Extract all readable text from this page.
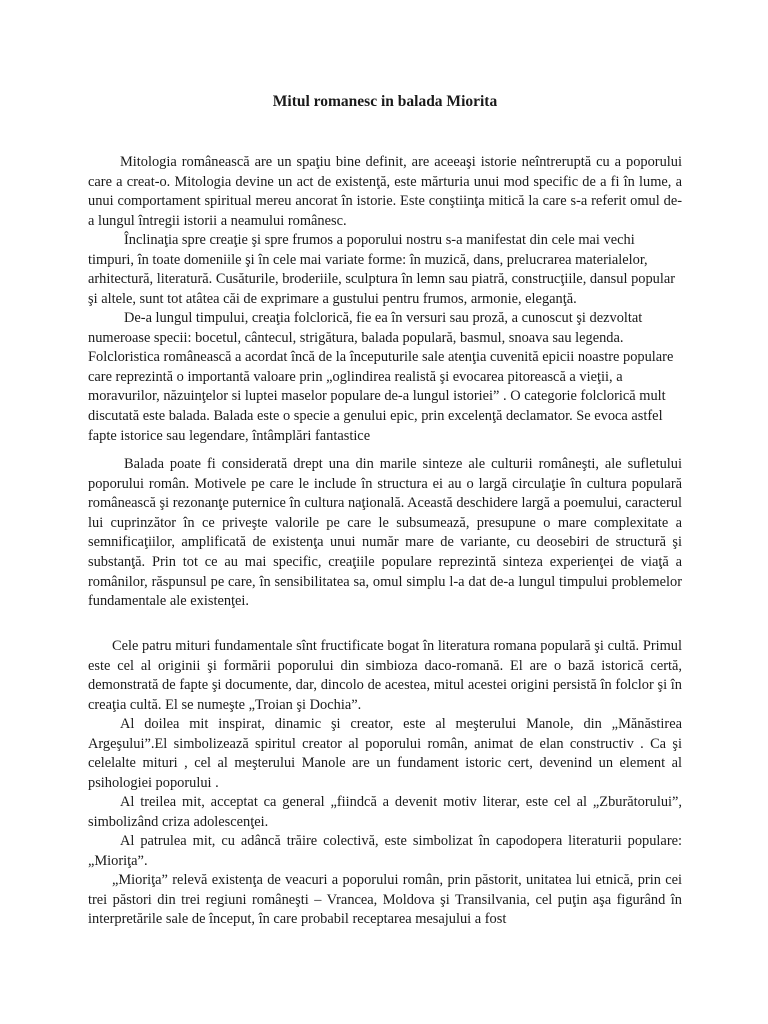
Mitul romanesc in balada Miorita

Mitologia românească are un spaţiu bine definit, are aceeaşi istorie neîntreruptă cu a poporului care a creat-o. Mitologia devine un act de existenţă, este mărturia unui mod specific de a fi în lume, a unui comportament spiritual mereu ancorat în istorie. Este conştiinţa mitică la care s-a referit omul de-a lungul întregii istorii a neamului românesc.

Înclinaţia spre creaţie şi spre frumos a poporului nostru s-a manifestat din cele mai vechi timpuri, în toate domeniile şi în cele mai variate forme: în muzică, dans, prelucrarea materialelor, arhitectură, literatură. Cusăturile, broderiile, sculptura în lemn sau piatră, construcţiile, dansul popular şi altele, sunt tot atâtea căi de exprimare a gustului pentru frumos, armonie, eleganţă.

De-a lungul timpului, creaţia folclorică, fie ea în versuri sau proză, a cunoscut şi dezvoltat numeroase specii: bocetul, cântecul, strigătura, balada populară, basmul, snoava sau legenda. Folcloristica românească a acordat încă de la începuturile sale atenţia cuvenită epicii noastre populare care reprezintă o importantă valoare prin „oglindirea realistă şi evocarea pitorească a vieţii, a moravurilor, năzuinţelor si luptei maselor populare de-a lungul istoriei” . O categorie folclorică mult discutată este balada. Balada este o specie a genului epic, prin excelenţă declamator. Se evoca astfel fapte istorice sau legendare, întâmplări fantastice

Balada poate fi considerată drept una din marile sinteze ale culturii româneşti, ale sufletului poporului român. Motivele pe care le include în structura ei au o largă circulaţie în cultura populară românească şi rezonanţe puternice în cultura naţională. Această deschidere largă a poemului, caracterul lui cuprinzător în ce priveşte valorile pe care le subsumează, presupune o mare complexitate a semnificaţiilor, amplificată de existenţa unui număr mare de variante, cu deosebiri de structură şi substanţă. Prin tot ce au mai specific, creaţiile populare reprezintă sinteza experienţei de viaţă a românilor, răspunsul pe care, în sensibilitatea sa, omul simplu l-a dat de-a lungul timpului problemelor fundamentale ale existenţei.

Cele patru mituri fundamentale sînt fructificate bogat în literatura romana populară şi cultă. Primul este cel al originii şi formării poporului din simbioza daco-romană. El are o bază istorică certă, demonstrată de fapte şi documente, dar, dincolo de acestea, mitul acestei origini persistă în folclor şi în creaţia cultă. El se numeşte „Troian şi Dochia”.

Al doilea mit inspirat, dinamic şi creator, este al meşterului Manole, din „Mănăstirea Argeşului”.El simbolizează spiritul creator al poporului român, animat de elan constructiv . Ca şi celelalte mituri , cel al meşterului Manole are un fundament istoric cert, devenind un element al psihologiei poporului .

Al treilea mit, acceptat ca general „fiindcă a devenit motiv literar, este cel al „Zburătorului”, simbolizând criza adolescenţei.

Al patrulea mit, cu adâncă trăire colectivă, este simbolizat în capodopera literaturii populare: „Mioriţa”.

„Mioriţa” relevă existenţa de veacuri a poporului român, prin păstorit, unitatea lui etnică, prin cei trei păstori din trei regiuni româneşti – Vrancea, Moldova şi Transilvania, cel puţin aşa figurând în interpretările sale de început, în care probabil receptarea mesajului a fost
